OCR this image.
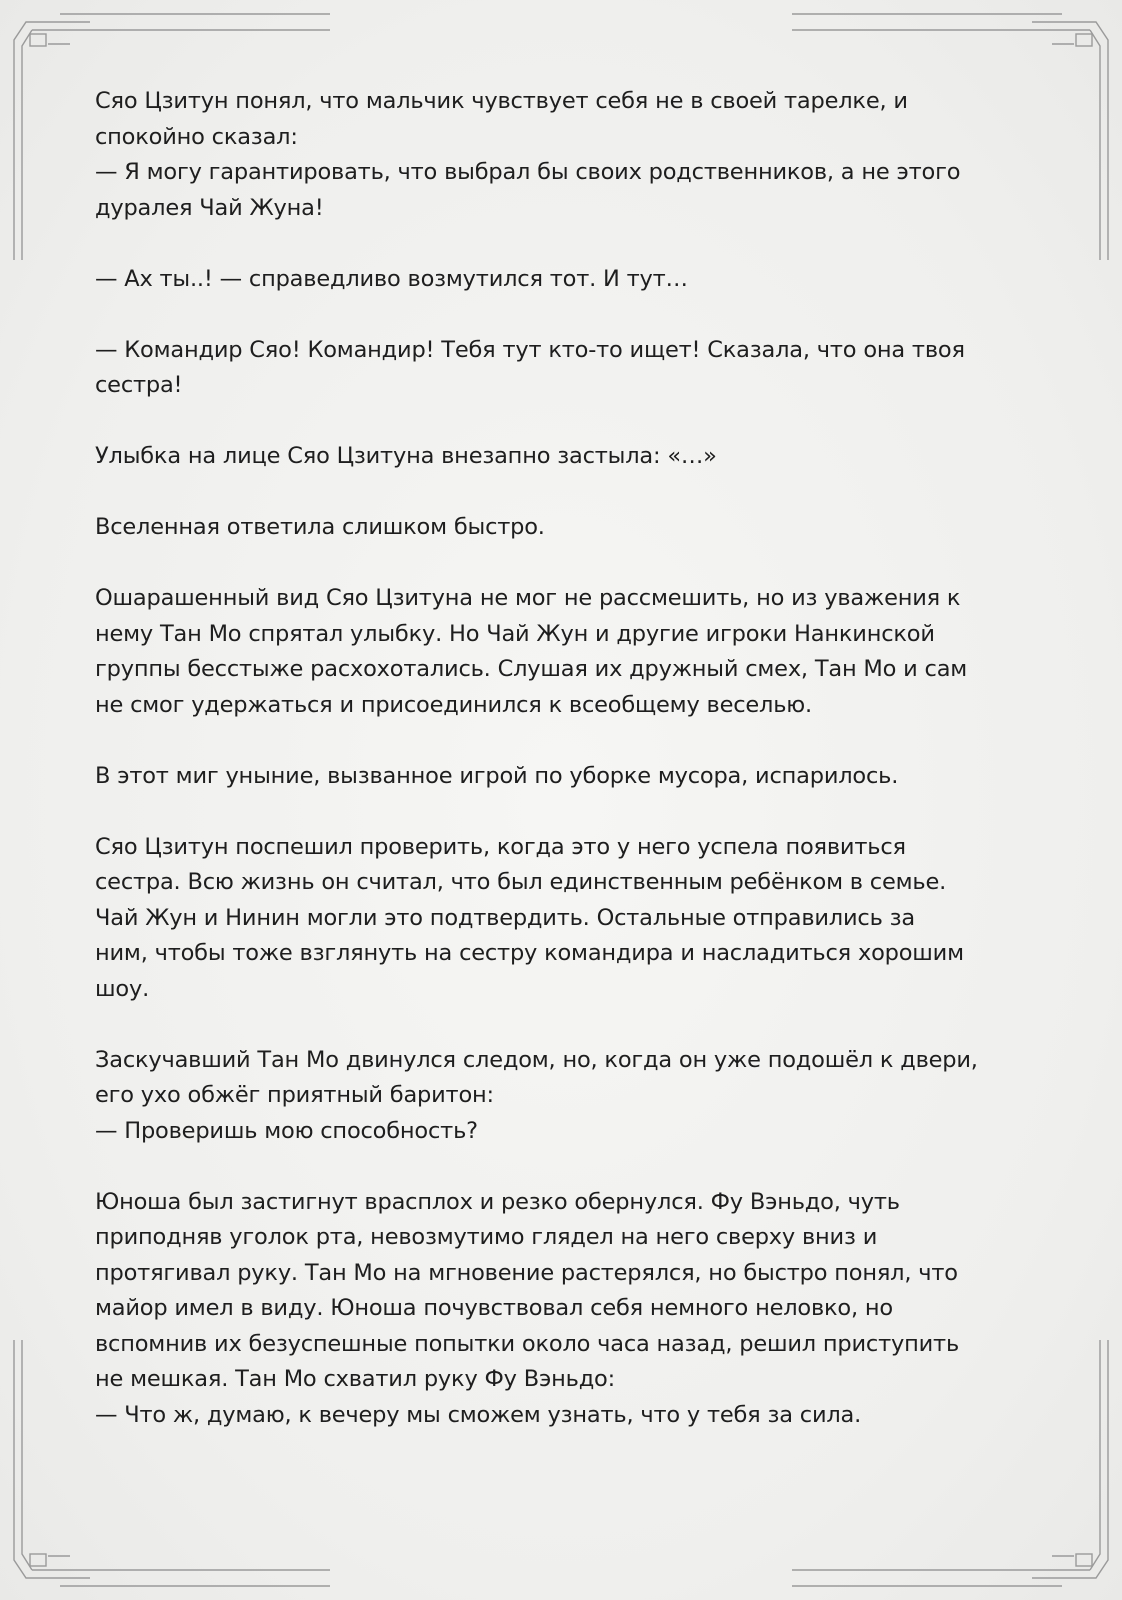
Сяо Цзитун понял, что мальчик чувствует себя не в своей тарелке, и
спокойно сказал:
— Я могу гарантировать, что выбрал бы своих родственников, а не этого
дуралея Чай Жуна!

— Ах ты..! — справедливо возмутился тот. И тут…

— Командир Сяо! Командир! Тебя тут кто-то ищет! Сказала, что она твоя
сестра!

Улыбка на лице Сяо Цзитуна внезапно застыла: «…»

Вселенная ответила слишком быстро.

Ошарашенный вид Сяо Цзитуна не мог не рассмешить, но из уважения к
нему Тан Мо спрятал улыбку. Но Чай Жун и другие игроки Нанкинской
группы бесстыже расхохотались. Слушая их дружный смех, Тан Мо и сам
не смог удержаться и присоединился к всеобщему веселью.

В этот миг уныние, вызванное игрой по уборке мусора, испарилось.

Сяо Цзитун поспешил проверить, когда это у него успела появиться
сестра. Всю жизнь он считал, что был единственным ребёнком в семье.
Чай Жун и Нинин могли это подтвердить. Остальные отправились за
ним, чтобы тоже взглянуть на сестру командира и насладиться хорошим
шоу.

Заскучавший Тан Мо двинулся следом, но, когда он уже подошёл к двери,
его ухо обжёг приятный баритон:
— Проверишь мою способность?

Юноша был застигнут врасплох и резко обернулся. Фу Вэньдо, чуть
приподняв уголок рта, невозмутимо глядел на него сверху вниз и
протягивал руку. Тан Мо на мгновение растерялся, но быстро понял, что
майор имел в виду. Юноша почувствовал себя немного неловко, но
вспомнив их безуспешные попытки около часа назад, решил приступить
не мешкая. Тан Мо схватил руку Фу Вэньдо:
— Что ж, думаю, к вечеру мы сможем узнать, что у тебя за сила.
